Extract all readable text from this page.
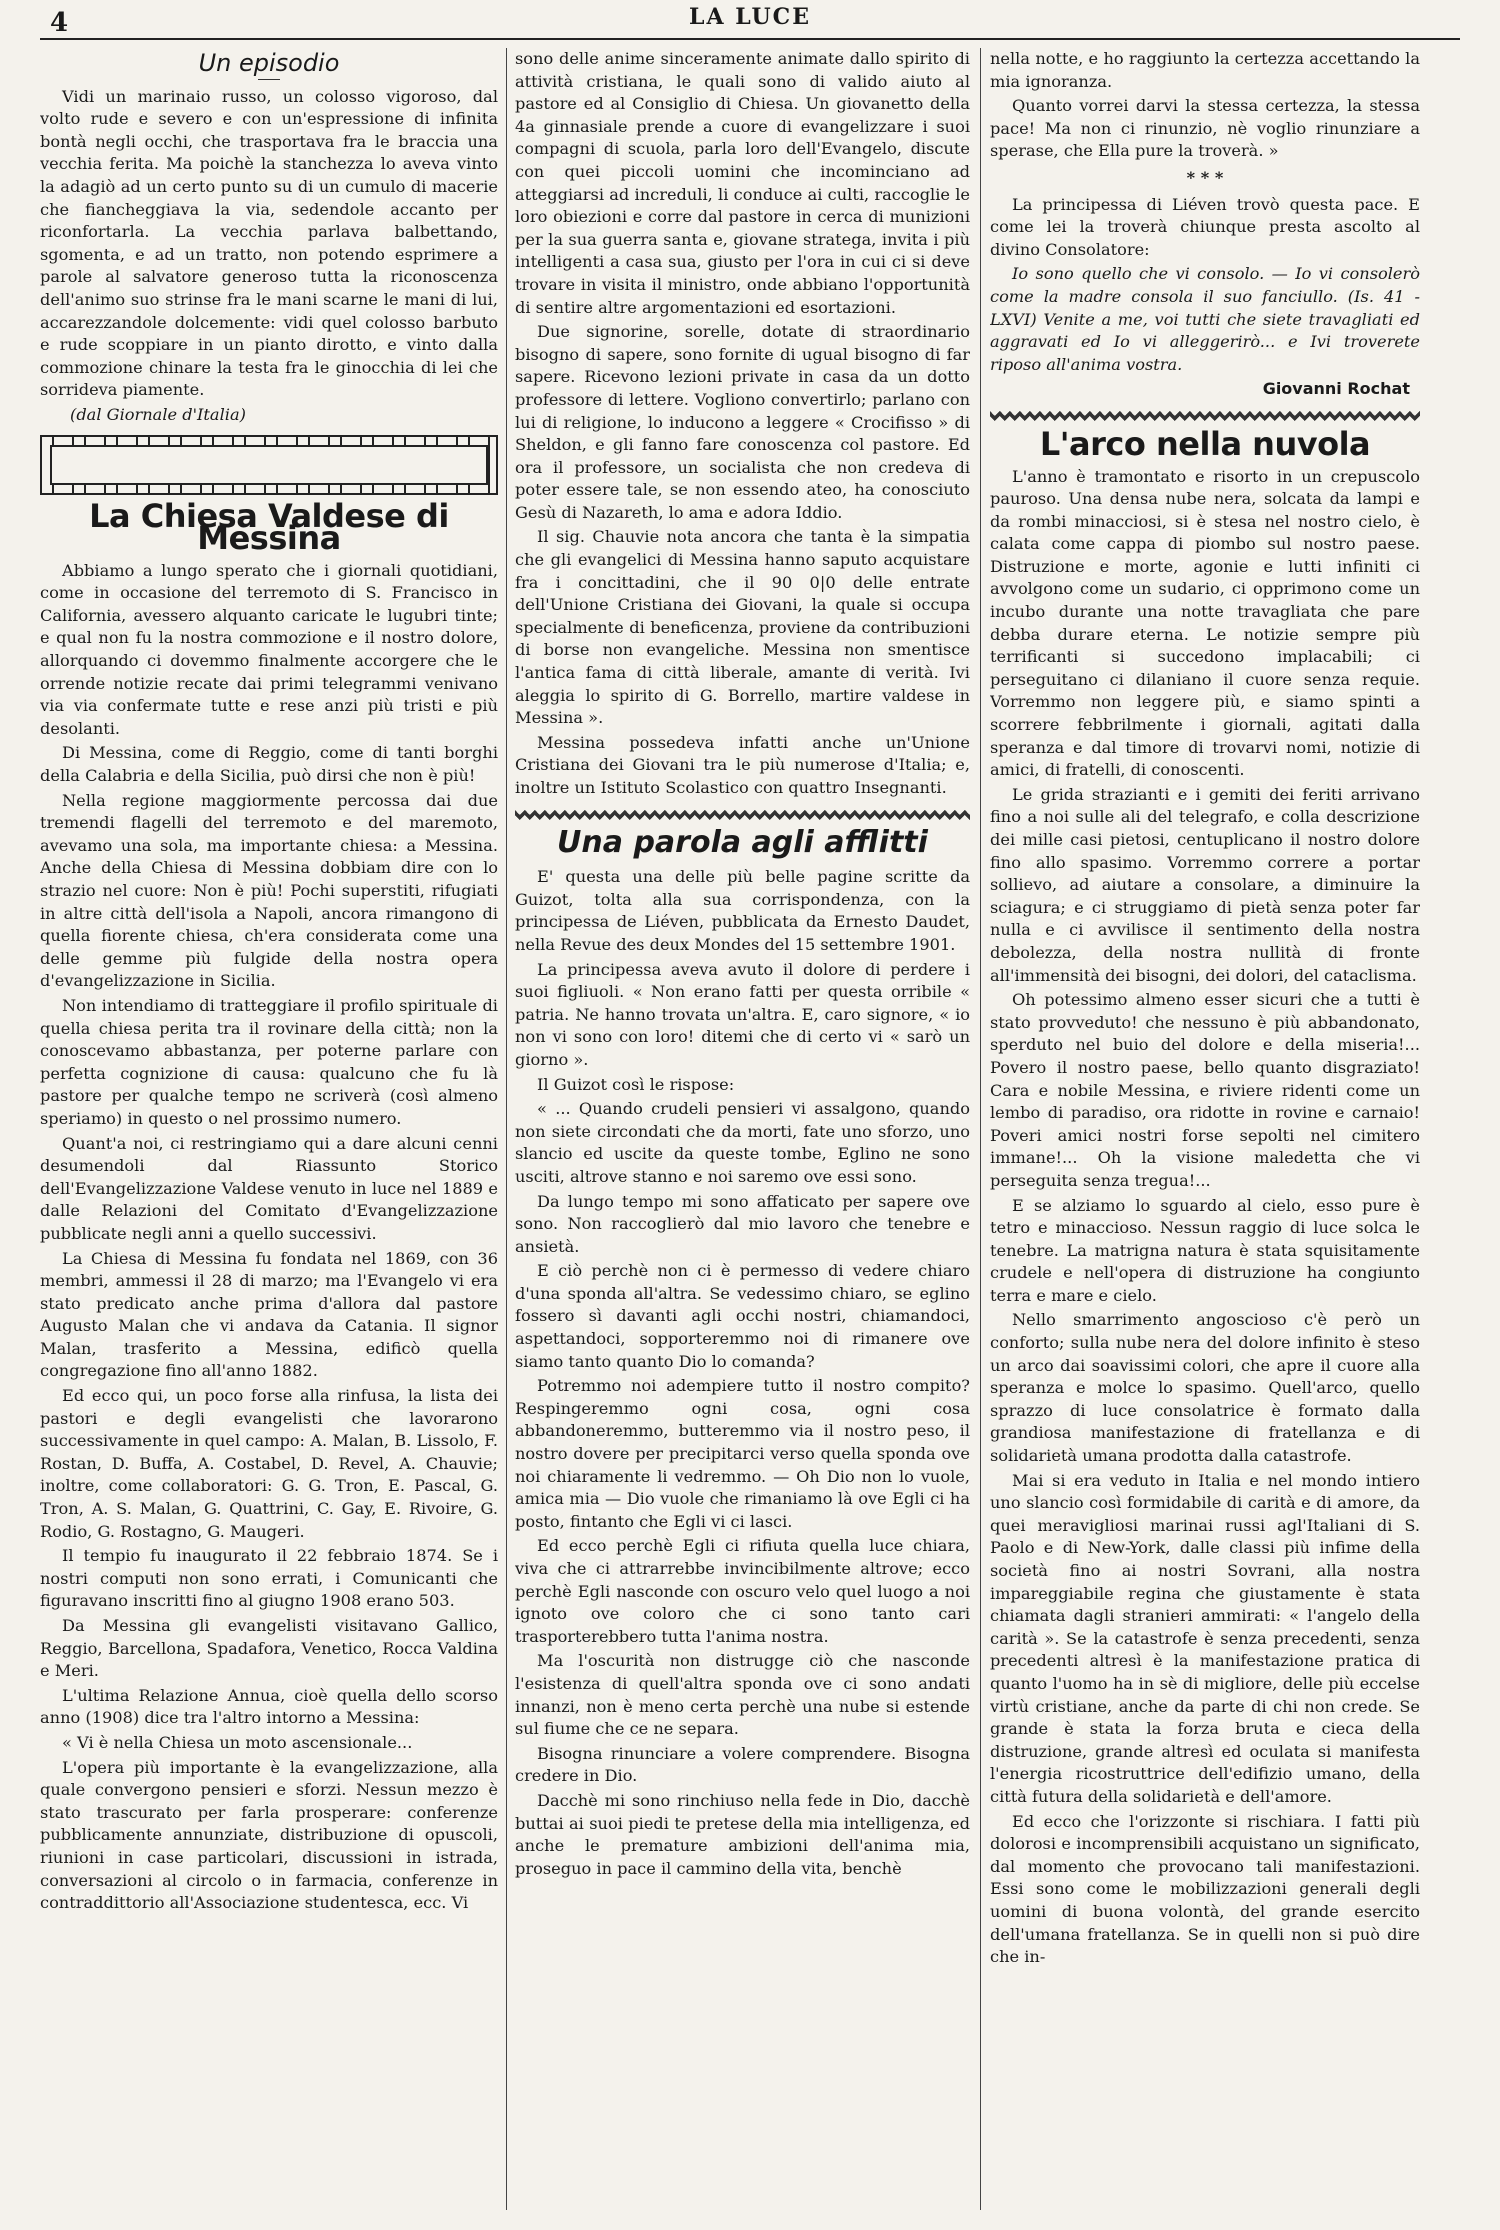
4	LA LUCE
Un episodio

Vidi un marinaio russo, un colosso vigoroso, dal volto rude e severo e con un'espressione di infinita bontà negli occhi, che trasportava fra le braccia una vecchia ferita. Ma poichè la stanchezza lo aveva vinto la adagiò ad un certo punto su di un cumulo di macerie che fiancheggiava la via, sedendole accanto per riconfortarla. La vecchia parlava balbettando, sgomenta, e ad un tratto, non potendo esprimere a parole al salvatore generoso tutta la riconoscenza dell'animo suo strinse fra le mani scarne le mani di lui, accarezzandole dolcemente: vidi quel colosso barbuto e rude scoppiare in un pianto dirotto, e vinto dalla commozione chinare la testa fra le ginocchia di lei che sorrideva piamente.

(dal Giornale d'Italia)

La Chiesa Valdese di Messina

Abbiamo a lungo sperato che i giornali quotidiani, come in occasione del terremoto di S. Francisco in California, avessero alquanto caricate le lugubri tinte; e qual non fu la nostra commozione e il nostro dolore, allorquando ci dovemmo finalmente accorgere che le orrende notizie recate dai primi telegrammi venivano via via confermate tutte e rese anzi più tristi e più desolanti.

Di Messina, come di Reggio, come di tanti borghi della Calabria e della Sicilia, può dirsi che non è più!

Nella regione maggiormente percossa dai due tremendi flagelli del terremoto e del maremoto, avevamo una sola, ma importante chiesa: a Messina. Anche della Chiesa di Messina dobbiam dire con lo strazio nel cuore: Non è più! Pochi superstiti, rifugiati in altre città dell'isola a Napoli, ancora rimangono di quella fiorente chiesa, ch'era considerata come una delle gemme più fulgide della nostra opera d'evangelizzazione in Sicilia.

Non intendiamo di tratteggiare il profilo spirituale di quella chiesa perita tra il rovinare della città; non la conoscevamo abbastanza, per poterne parlare con perfetta cognizione di causa: qualcuno che fu là pastore per qualche tempo ne scriverà (così almeno speriamo) in questo o nel prossimo numero.

Quant'a noi, ci restringiamo qui a dare alcuni cenni desumendoli dal Riassunto Storico dell'Evangelizzazione Valdese venuto in luce nel 1889 e dalle Relazioni del Comitato d'Evangelizzazione pubblicate negli anni a quello successivi.

La Chiesa di Messina fu fondata nel 1869, con 36 membri, ammessi il 28 di marzo; ma l'Evangelo vi era stato predicato anche prima d'allora dal pastore Augusto Malan che vi andava da Catania. Il signor Malan, trasferito a Messina, edificò quella congregazione fino all'anno 1882.

Ed ecco qui, un poco forse alla rinfusa, la lista dei pastori e degli evangelisti che lavorarono successivamente in quel campo: A. Malan, B. Lissolo, F. Rostan, D. Buffa, A. Costabel, D. Revel, A. Chauvie; inoltre, come collaboratori: G. G. Tron, E. Pascal, G. Tron, A. S. Malan, G. Quattrini, C. Gay, E. Rivoire, G. Rodio, G. Rostagno, G. Maugeri.

Il tempio fu inaugurato il 22 febbraio 1874. Se i nostri computi non sono errati, i Comunicanti che figuravano inscritti fino al giugno 1908 erano 503.

Da Messina gli evangelisti visitavano Gallico, Reggio, Barcellona, Spadafora, Venetico, Rocca Valdina e Meri.

L'ultima Relazione Annua, cioè quella dello scorso anno (1908) dice tra l'altro intorno a Messina:

« Vi è nella Chiesa un moto ascensionale...

L'opera più importante è la evangelizzazione, alla quale convergono pensieri e sforzi. Nessun mezzo è stato trascurato per farla prosperare: conferenze pubblicamente annunziate, distribuzione di opuscoli, riunioni in case particolari, discussioni in istrada, conversazioni al circolo o in farmacia, conferenze in contraddittorio all'Associazione studentesca, ecc. Vi

sono delle anime sinceramente animate dallo spirito di attività cristiana, le quali sono di valido aiuto al pastore ed al Consiglio di Chiesa. Un giovanetto della 4a ginnasiale prende a cuore di evangelizzare i suoi compagni di scuola, parla loro dell'Evangelo, discute con quei piccoli uomini che incominciano ad atteggiarsi ad increduli, li conduce ai culti, raccoglie le loro obiezioni e corre dal pastore in cerca di munizioni per la sua guerra santa e, giovane stratega, invita i più intelligenti a casa sua, giusto per l'ora in cui ci si deve trovare in visita il ministro, onde abbiano l'opportunità di sentire altre argomentazioni ed esortazioni.

Due signorine, sorelle, dotate di straordinario bisogno di sapere, sono fornite di ugual bisogno di far sapere. Ricevono lezioni private in casa da un dotto professore di lettere. Vogliono convertirlo; parlano con lui di religione, lo inducono a leggere « Crocifisso » di Sheldon, e gli fanno fare conoscenza col pastore. Ed ora il professore, un socialista che non credeva di poter essere tale, se non essendo ateo, ha conosciuto Gesù di Nazareth, lo ama e adora Iddio.

Il sig. Chauvie nota ancora che tanta è la simpatia che gli evangelici di Messina hanno saputo acquistare fra i concittadini, che il 90 0|0 delle entrate dell'Unione Cristiana dei Giovani, la quale si occupa specialmente di beneficenza, proviene da contribuzioni di borse non evangeliche. Messina non smentisce l'antica fama di città liberale, amante di verità. Ivi aleggia lo spirito di G. Borrello, martire valdese in Messina ».

Messina possedeva infatti anche un'Unione Cristiana dei Giovani tra le più numerose d'Italia; e, inoltre un Istituto Scolastico con quattro Insegnanti.

Una parola agli afflitti

E' questa una delle più belle pagine scritte da Guizot, tolta alla sua corrispondenza, con la principessa de Liéven, pubblicata da Ernesto Daudet, nella Revue des deux Mondes del 15 settembre 1901.

La principessa aveva avuto il dolore di perdere i suoi figliuoli. « Non erano fatti per questa orribile « patria. Ne hanno trovata un'altra. E, caro signore, « io non vi sono con loro! ditemi che di certo vi « sarò un giorno ».

Il Guizot così le rispose:

« ... Quando crudeli pensieri vi assalgono, quando non siete circondati che da morti, fate uno sforzo, uno slancio ed uscite da queste tombe, Eglino ne sono usciti, altrove stanno e noi saremo ove essi sono.

Da lungo tempo mi sono affaticato per sapere ove sono. Non raccoglierò dal mio lavoro che tenebre e ansietà.

E ciò perchè non ci è permesso di vedere chiaro d'una sponda all'altra. Se vedessimo chiaro, se eglino fossero sì davanti agli occhi nostri, chiamandoci, aspettandoci, sopporteremmo noi di rimanere ove siamo tanto quanto Dio lo comanda?

Potremmo noi adempiere tutto il nostro compito? Respingeremmo ogni cosa, ogni cosa abbandoneremmo, butteremmo via il nostro peso, il nostro dovere per precipitarci verso quella sponda ove noi chiaramente li vedremmo. — Oh Dio non lo vuole, amica mia — Dio vuole che rimaniamo là ove Egli ci ha posto, fintanto che Egli vi ci lasci.

Ed ecco perchè Egli ci rifiuta quella luce chiara, viva che ci attrarrebbe invincibilmente altrove; ecco perchè Egli nasconde con oscuro velo quel luogo a noi ignoto ove coloro che ci sono tanto cari trasporterebbero tutta l'anima nostra.

Ma l'oscurità non distrugge ciò che nasconde l'esistenza di quell'altra sponda ove ci sono andati innanzi, non è meno certa perchè una nube si estende sul fiume che ce ne separa.

Bisogna rinunciare a volere comprendere. Bisogna credere in Dio.

Dacchè mi sono rinchiuso nella fede in Dio, dacchè buttai ai suoi piedi te pretese della mia intelligenza, ed anche le premature ambizioni dell'anima mia, proseguo in pace il cammino della vita, benchè

nella notte, e ho raggiunto la certezza accettando la mia ignoranza.

Quanto vorrei darvi la stessa certezza, la stessa pace! Ma non ci rinunzio, nè voglio rinunziare a sperase, che Ella pure la troverà. »

* * *

La principessa di Liéven trovò questa pace. E come lei la troverà chiunque presta ascolto al divino Consolatore:

Io sono quello che vi consolo. — Io vi consolerò come la madre consola il suo fanciullo. (Is. 41 - LXVI) Venite a me, voi tutti che siete travagliati ed aggravati ed Io vi alleggerirò... e Ivi troverete riposo all'anima vostra.

Giovanni Rochat
L'arco nella nuvola

L'anno è tramontato e risorto in un crepuscolo pauroso. Una densa nube nera, solcata da lampi e da rombi minacciosi, si è stesa nel nostro cielo, è calata come cappa di piombo sul nostro paese. Distruzione e morte, agonie e lutti infiniti ci avvolgono come un sudario, ci opprimono come un incubo durante una notte travagliata che pare debba durare eterna. Le notizie sempre più terrificanti si succedono implacabili; ci perseguitano ci dilaniano il cuore senza requie. Vorremmo non leggere più, e siamo spinti a scorrere febbrilmente i giornali, agitati dalla speranza e dal timore di trovarvi nomi, notizie di amici, di fratelli, di conoscenti.

Le grida strazianti e i gemiti dei feriti arrivano fino a noi sulle ali del telegrafo, e colla descrizione dei mille casi pietosi, centuplicano il nostro dolore fino allo spasimo. Vorremmo correre a portar sollievo, ad aiutare a consolare, a diminuire la sciagura; e ci struggiamo di pietà senza poter far nulla e ci avvilisce il sentimento della nostra debolezza, della nostra nullità di fronte all'immensità dei bisogni, dei dolori, del cataclisma.

Oh potessimo almeno esser sicuri che a tutti è stato provveduto! che nessuno è più abbandonato, sperduto nel buio del dolore e della miseria!... Povero il nostro paese, bello quanto disgraziato! Cara e nobile Messina, e riviere ridenti come un lembo di paradiso, ora ridotte in rovine e carnaio! Poveri amici nostri forse sepolti nel cimitero immane!... Oh la visione maledetta che vi perseguita senza tregua!...

E se alziamo lo sguardo al cielo, esso pure è tetro e minaccioso. Nessun raggio di luce solca le tenebre. La matrigna natura è stata squisitamente crudele e nell'opera di distruzione ha congiunto terra e mare e cielo.

Nello smarrimento angoscioso c'è però un conforto; sulla nube nera del dolore infinito è steso un arco dai soavissimi colori, che apre il cuore alla speranza e molce lo spasimo. Quell'arco, quello sprazzo di luce consolatrice è formato dalla grandiosa manifestazione di fratellanza e di solidarietà umana prodotta dalla catastrofe.

Mai si era veduto in Italia e nel mondo intiero uno slancio così formidabile di carità e di amore, da quei meravigliosi marinai russi agl'Italiani di S. Paolo e di New-York, dalle classi più infime della società fino ai nostri Sovrani, alla nostra impareggiabile regina che giustamente è stata chiamata dagli stranieri ammirati: « l'angelo della carità ». Se la catastrofe è senza precedenti, senza precedenti altresì è la manifestazione pratica di quanto l'uomo ha in sè di migliore, delle più eccelse virtù cristiane, anche da parte di chi non crede. Se grande è stata la forza bruta e cieca della distruzione, grande altresì ed oculata si manifesta l'energia ricostruttrice dell'edifizio umano, della città futura della solidarietà e dell'amore.

Ed ecco che l'orizzonte si rischiara. I fatti più dolorosi e incomprensibili acquistano un significato, dal momento che provocano tali manifestazioni. Essi sono come le mobilizzazioni generali degli uomini di buona volontà, del grande esercito dell'umana fratellanza. Se in quelli non si può dire che in-
